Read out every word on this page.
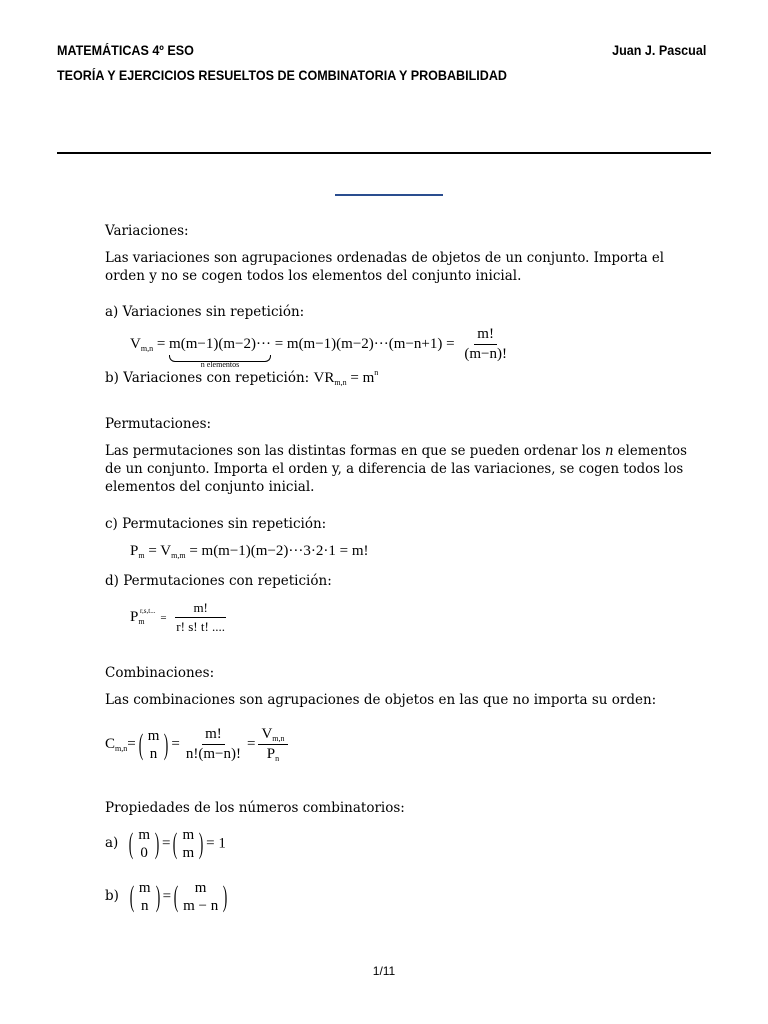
MATEMÁTICAS 4º ESO	Juan J. Pascual
TEORÍA Y EJERCICIOS RESUELTOS DE COMBINATORIA Y PROBABILIDAD
Variaciones:
Las variaciones son agrupaciones ordenadas de objetos de un conjunto. Importa el
orden y no se cogen todos los elementos del conjunto inicial.
a) Variaciones sin repetición:
$V_{m,n} = m(m-1)(m-2)\cdot\cdot\cdot$
n elementos
= $m(m-1)(m-2)\cdot\cdot\cdot(m-n+1) = \frac{m!}{(m-n)!}$
b) Variaciones con repetición: $VR_{m,n} = m^n$
Permutaciones:
Las permutaciones son las distintas formas en que se pueden ordenar los n elementos
de un conjunto. Importa el orden y, a diferencia de las variaciones, se cogen todos los
elementos del conjunto inicial.
c) Permutaciones sin repetición:
$P_m = V_{m,m} = m(m-1)(m-2)\cdot\cdot\cdot 3\cdot 2\cdot 1 = m$!
d) Permutaciones con repetición:
$P_m$
r,s,t...
= $\frac{m!}{r! s! t! ....}$
Combinaciones:
Las combinaciones son agrupaciones de objetos en las que no importa su orden:
$C_{m,n}=$ ( m
n ) = $\frac{m!}{n!(m-n)!} = \frac{V_{m,n}}{P_n}$
Propiedades de los números combinatorios:
a) ( m
0 ) = ( m
m ) = 1
b) ( m
n ) = ( m
m − n )
1/11
